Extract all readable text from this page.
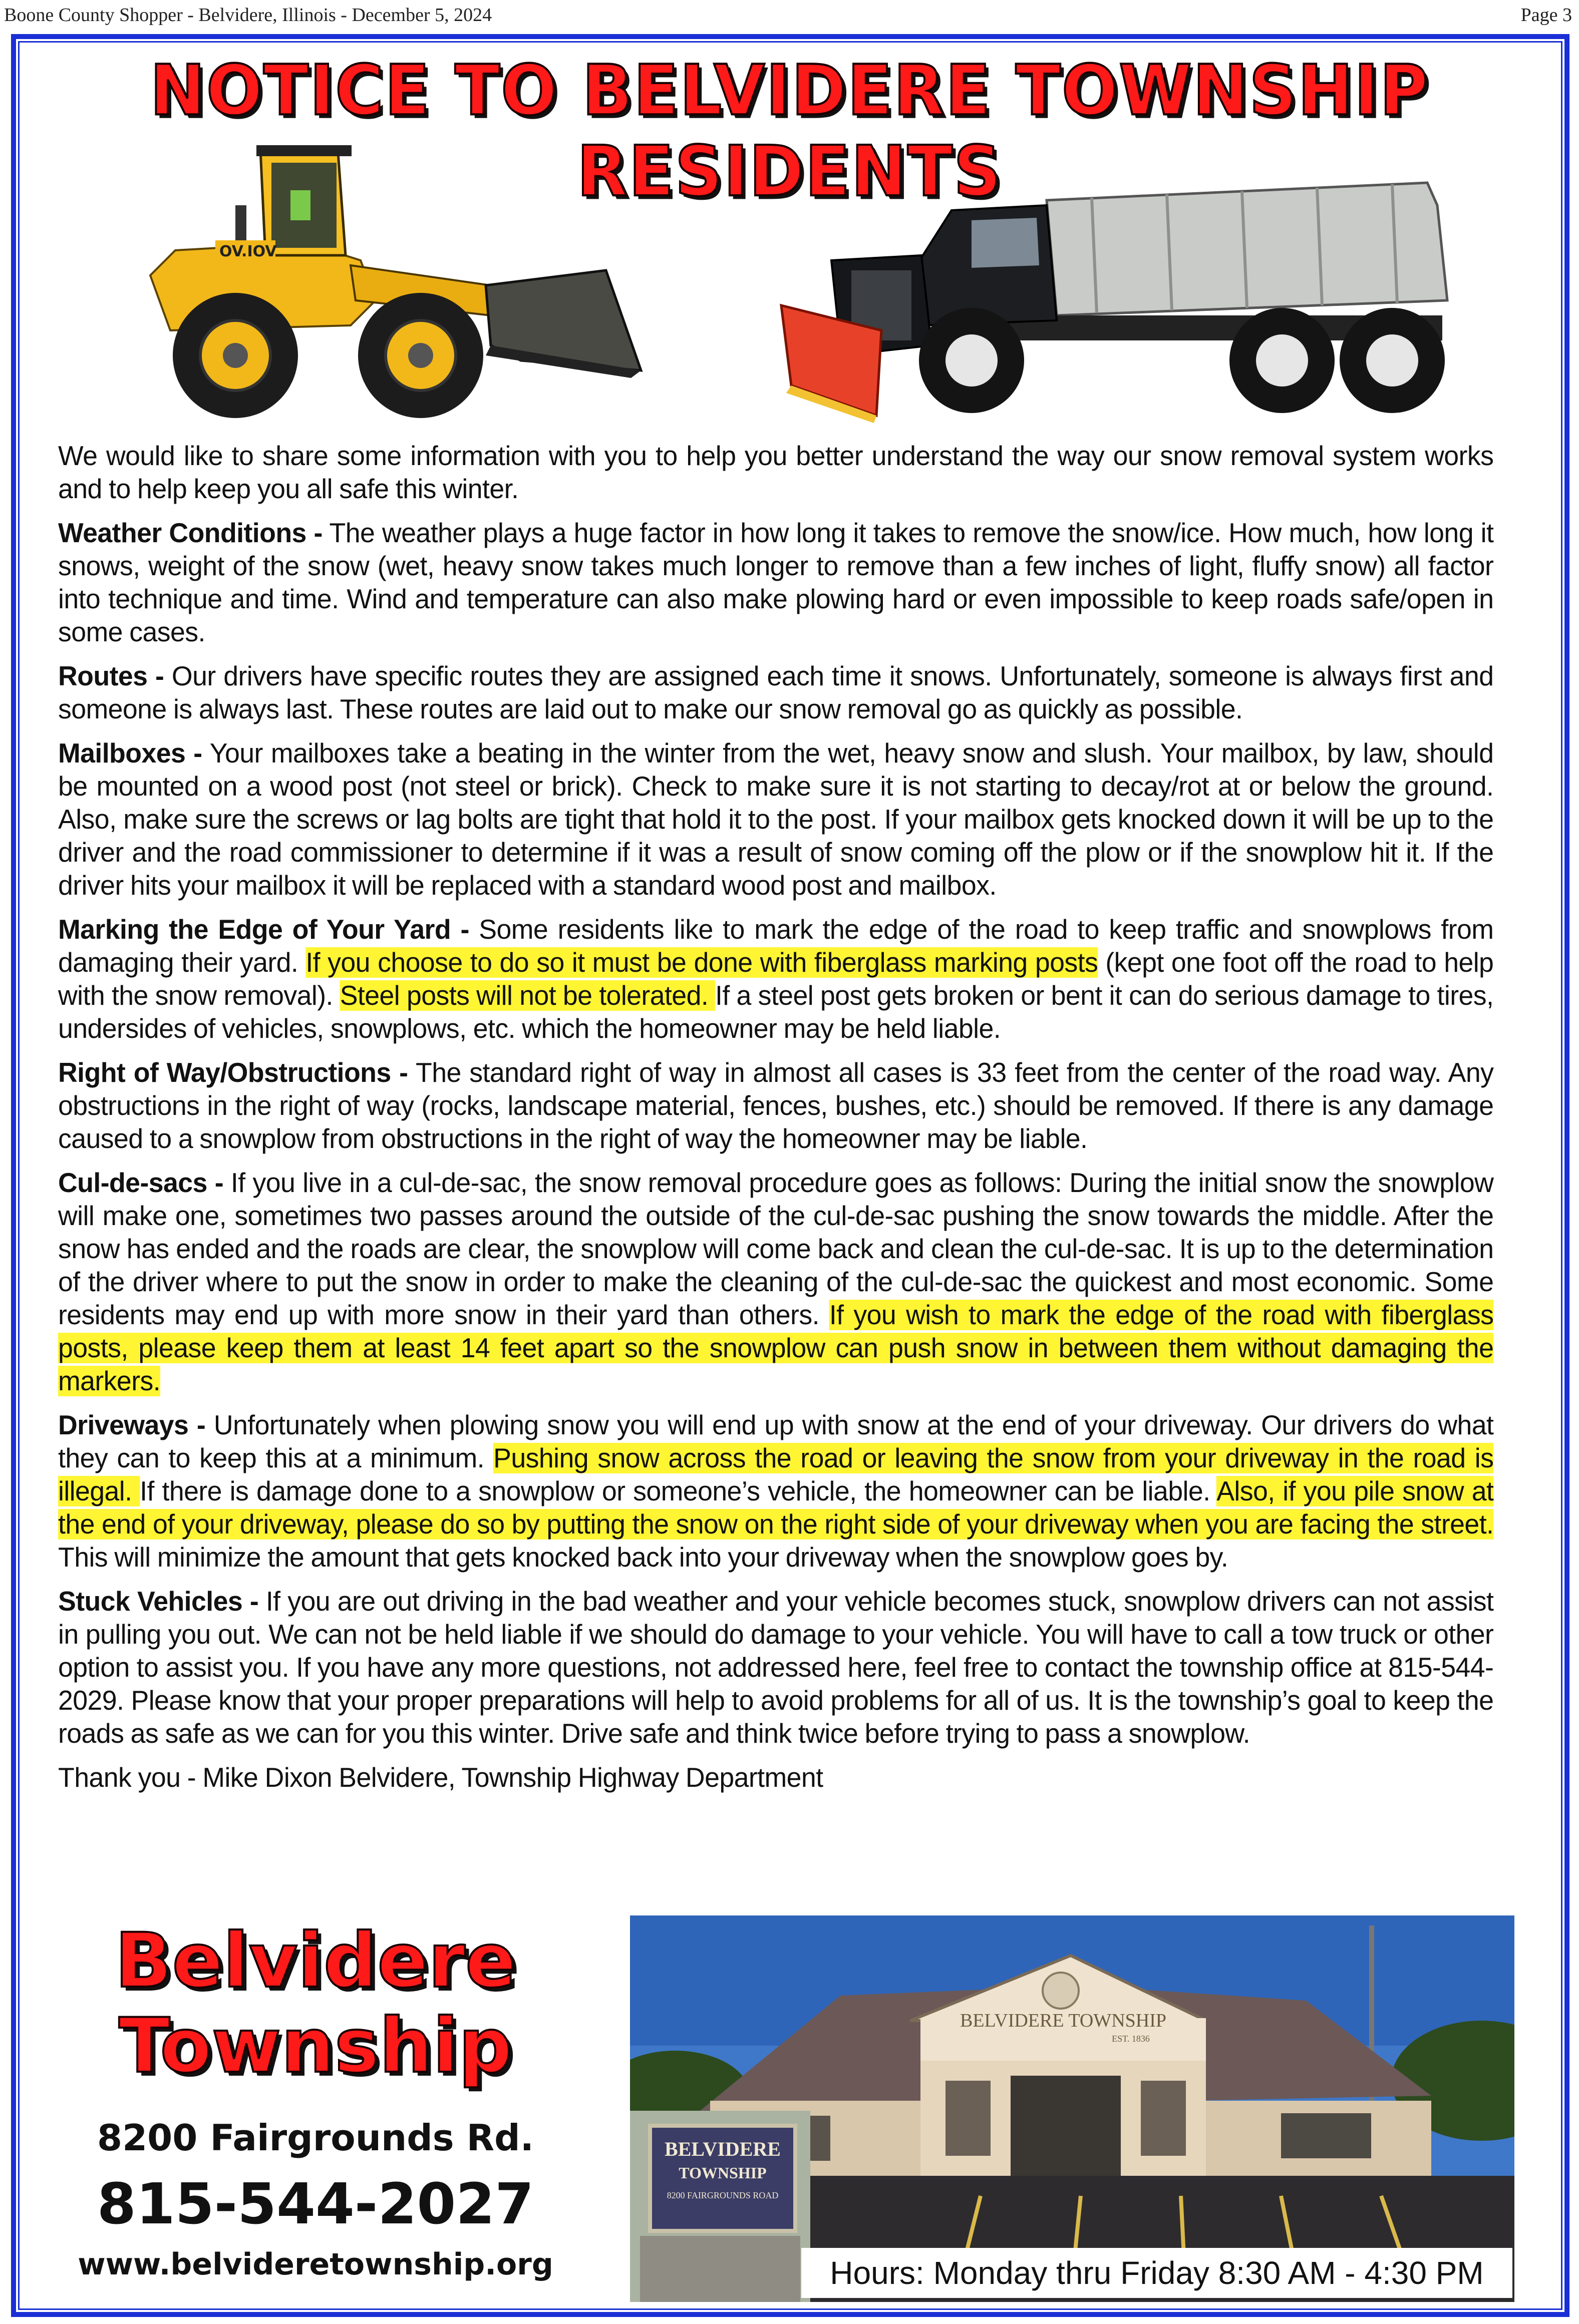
Boone County Shopper - Belvidere, Illinois - December 5, 2024	Page 3
NOTICE TO BELVIDERE TOWNSHIP RESIDENTS
OV.IOV

We would like to share some information with you to help you better understand the way our snow removal system works and to help keep you all safe this winter.

Weather Conditions - The weather plays a huge factor in how long it takes to remove the snow/ice. How much, how long it snows, weight of the snow (wet, heavy snow takes much longer to remove than a few inches of light, fluffy snow) all factor into technique and time. Wind and temperature can also make plowing hard or even impossible to keep roads safe/open in some cases.

Routes - Our drivers have specific routes they are assigned each time it snows. Unfortunately, someone is always first and someone is always last. These routes are laid out to make our snow removal go as quickly as possible.

Mailboxes - Your mailboxes take a beating in the winter from the wet, heavy snow and slush. Your mailbox, by law, should be mounted on a wood post (not steel or brick). Check to make sure it is not starting to decay/rot at or below the ground. Also, make sure the screws or lag bolts are tight that hold it to the post. If your mailbox gets knocked down it will be up to the driver and the road commissioner to determine if it was a result of snow coming off the plow or if the snowplow hit it. If the driver hits your mailbox it will be replaced with a standard wood post and mailbox.

Marking the Edge of Your Yard - Some residents like to mark the edge of the road to keep traffic and snowplows from damaging their yard. If you choose to do so it must be done with fiberglass marking posts (kept one foot off the road to help with the snow removal). Steel posts will not be tolerated. If a steel post gets broken or bent it can do serious damage to tires, undersides of vehicles, snowplows, etc. which the homeowner may be held liable.

Right of Way/Obstructions - The standard right of way in almost all cases is 33 feet from the center of the road way. Any obstructions in the right of way (rocks, landscape material, fences, bushes, etc.) should be removed. If there is any damage caused to a snowplow from obstructions in the right of way the homeowner may be liable.

Cul-de-sacs - If you live in a cul-de-sac, the snow removal procedure goes as follows: During the initial snow the snowplow will make one, sometimes two passes around the outside of the cul-de-sac pushing the snow towards the middle. After the snow has ended and the roads are clear, the snowplow will come back and clean the cul-de-sac. It is up to the determination of the driver where to put the snow in order to make the cleaning of the cul-de-sac the quickest and most economic. Some residents may end up with more snow in their yard than others. If you wish to mark the edge of the road with fiberglass posts, please keep them at least 14 feet apart so the snowplow can push snow in between them without damaging the markers.

Driveways - Unfortunately when plowing snow you will end up with snow at the end of your driveway. Our drivers do what they can to keep this at a minimum. Pushing snow across the road or leaving the snow from your driveway in the road is illegal. If there is damage done to a snowplow or someone’s vehicle, the homeowner can be liable. Also, if you pile snow at the end of your driveway, please do so by putting the snow on the right side of your driveway when you are facing the street. This will minimize the amount that gets knocked back into your driveway when the snowplow goes by.

Stuck Vehicles - If you are out driving in the bad weather and your vehicle becomes stuck, snowplow drivers can not assist in pulling you out. We can not be held liable if we should do damage to your vehicle. You will have to call a tow truck or other option to assist you. If you have any more questions, not addressed here, feel free to contact the township office at 815-544-2029. Please know that your proper preparations will help to avoid problems for all of us. It is the township’s goal to keep the roads as safe as we can for you this winter. Drive safe and think twice before trying to pass a snowplow.

Thank you - Mike Dixon Belvidere, Township Highway Department

Belvidere
Township
8200 Fairgrounds Rd.
815-544-2027
www.belvideretownship.org
BELVIDERE TOWNSHIP
EST. 1836
BELVIDERE
TOWNSHIP
8200 FAIRGROUNDS ROAD
Hours: Monday thru Friday 8:30 AM - 4:30 PM
